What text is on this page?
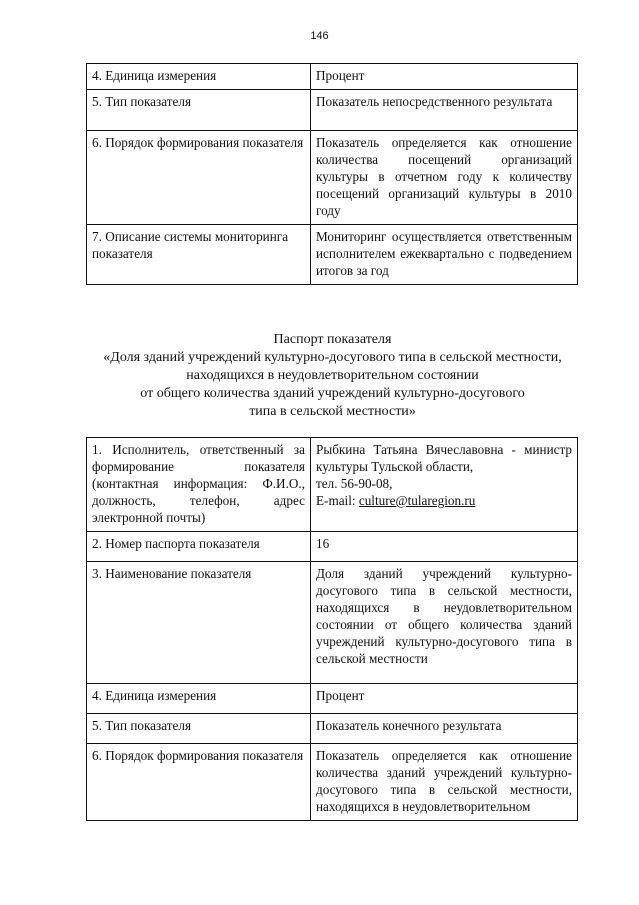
146
4. Единица измерения	Процент
5. Тип показателя	Показатель непосредственного результата
6. Порядок формирования показателя	Показатель определяется как отношение количества посещений организаций культуры в отчетном году к количеству посещений организаций культуры в 2010 году
7. Описание системы мониторинга показателя	Мониторинг осуществляется ответственным исполнителем ежеквартально с подведением итогов за год
Паспорт показателя
«Доля зданий учреждений культурно-досугового типа в сельской местности,
находящихся в неудовлетворительном состоянии
от общего количества зданий учреждений культурно-досугового
типа в сельской местности»
1. Исполнитель, ответственный за формирование показателя (контактная информация: Ф.И.О., должность, телефон, адрес электронной почты)	Рыбкина Татьяна Вячеславовна - министр культуры Тульской области,
тел. 56-90-08,
E-mail: culture@tularegion.ru

2. Номер паспорта показателя	16
3. Наименование показателя	Доля зданий учреждений культурно-досугового типа в сельской местности, находящихся в неудовлетворительном состоянии от общего количества зданий учреждений культурно-досугового типа в сельской местности
4. Единица измерения	Процент
5. Тип показателя	Показатель конечного результата
6. Порядок формирования показателя	Показатель определяется как отношение количества зданий учреждений культурно-досугового типа в сельской местности, находящихся в неудовлетворительном
